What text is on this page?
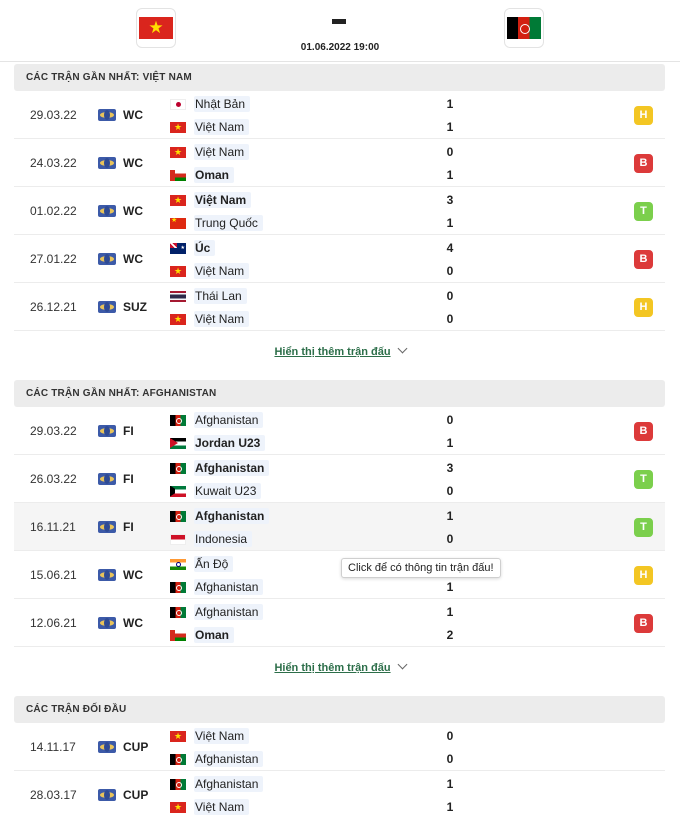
★
01.06.2022 19:00
CÁC TRẬN GẦN NHẤT: VIỆT NAM
29.03.22	WC
Nhật Bản	1
★
Việt Nam	1
H
24.03.22	WC
★
Việt Nam	0
Oman	1
B
01.02.22	WC
★
Việt Nam	3
★
Trung Quốc	1
T
27.01.22	WC
★
Úc	4
★
Việt Nam	0
B
26.12.21	SUZ
Thái Lan	0
★
Việt Nam	0
H
Hiển thị thêm trận đấu
CÁC TRẬN GẦN NHẤT: AFGHANISTAN
29.03.22	FI
Afghanistan	0
Jordan U23	1
B
26.03.22	FI
Afghanistan	3
Kuwait U23	0
T
16.11.21	FI
Afghanistan	1
Indonesia	0
T
15.06.21	WC
Ấn Độ
Afghanistan	1
H
12.06.21	WC
Afghanistan	1
Oman	2
B
Hiển thị thêm trận đấu
CÁC TRẬN ĐỐI ĐẦU
14.11.17	CUP
★
Việt Nam	0
Afghanistan	0
28.03.17	CUP
Afghanistan	1
★
Việt Nam	1
Click để có thông tin trận đấu!
